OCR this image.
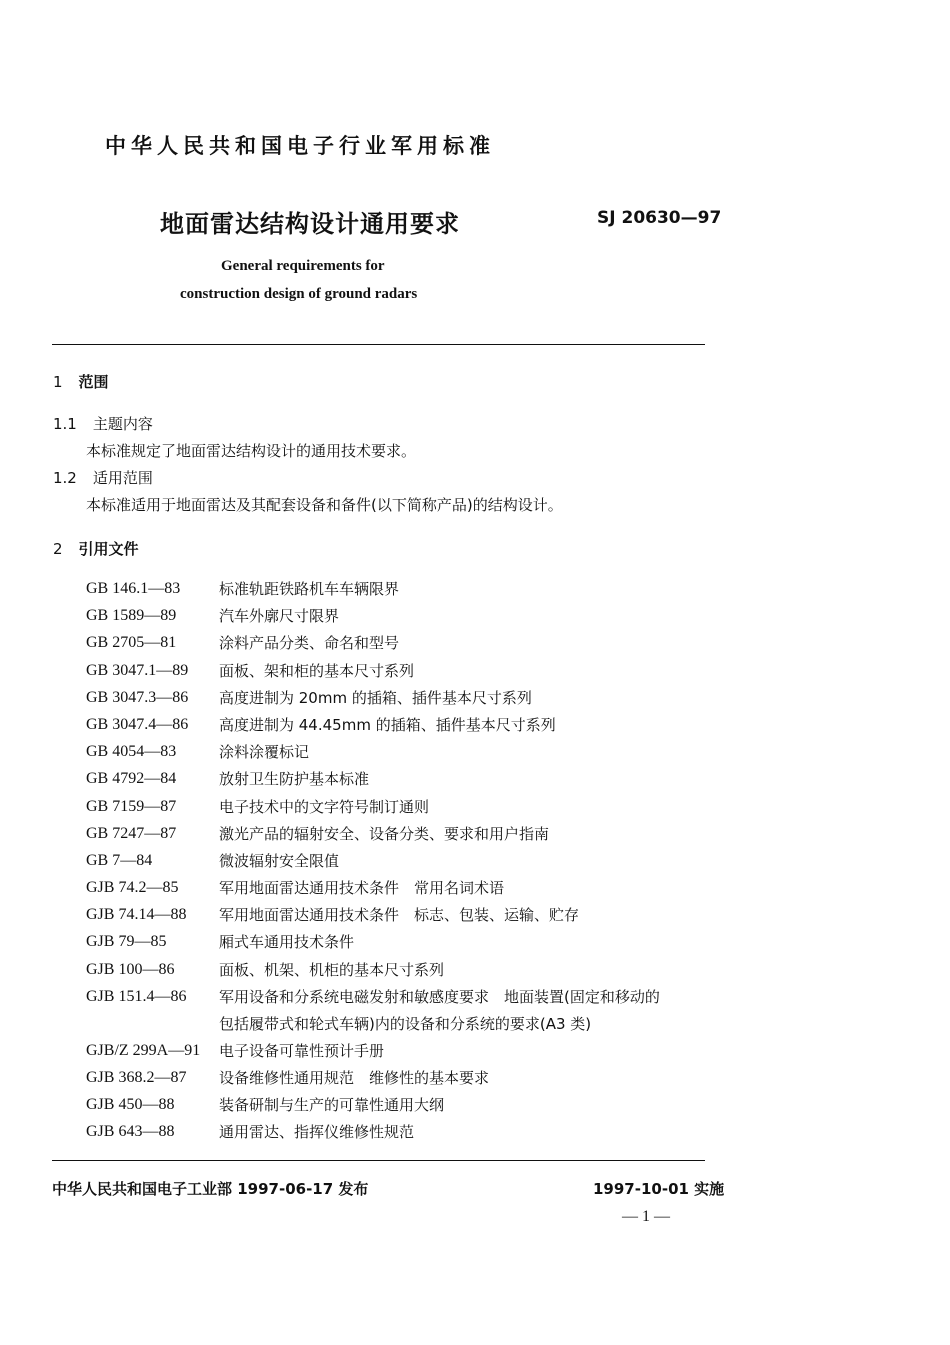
中华人民共和国电子行业军用标准
地面雷达结构设计通用要求	SJ 20630—97
General requirements for
construction design of ground radars
1 范围
1.1 主题内容
本标准规定了地面雷达结构设计的通用技术要求。
1.2 适用范围
本标准适用于地面雷达及其配套设备和备件(以下简称产品)的结构设计。
2 引用文件
GB 146.1—83	标准轨距铁路机车车辆限界
GB 1589—89	汽车外廓尺寸限界
GB 2705—81	涂料产品分类、命名和型号
GB 3047.1—89	面板、架和柜的基本尺寸系列
GB 3047.3—86	高度进制为 20mm 的插箱、插件基本尺寸系列
GB 3047.4—86	高度进制为 44.45mm 的插箱、插件基本尺寸系列
GB 4054—83	涂料涂覆标记
GB 4792—84	放射卫生防护基本标准
GB 7159—87	电子技术中的文字符号制订通则
GB 7247—87	激光产品的辐射安全、设备分类、要求和用户指南
GB 7—84	微波辐射安全限值
GJB 74.2—85	军用地面雷达通用技术条件　常用名词术语
GJB 74.14—88	军用地面雷达通用技术条件　标志、包装、运输、贮存
GJB 79—85	厢式车通用技术条件
GJB 100—86	面板、机架、机柜的基本尺寸系列
GJB 151.4—86	军用设备和分系统电磁发射和敏感度要求　地面装置(固定和移动的
包括履带式和轮式车辆)内的设备和分系统的要求(A3 类)
GJB/Z 299A—91	电子设备可靠性预计手册
GJB 368.2—87	设备维修性通用规范　维修性的基本要求
GJB 450—88	装备研制与生产的可靠性通用大纲
GJB 643—88	通用雷达、指挥仪维修性规范
中华人民共和国电子工业部 1997-06-17 发布	1997-10-01 实施
— 1 —
